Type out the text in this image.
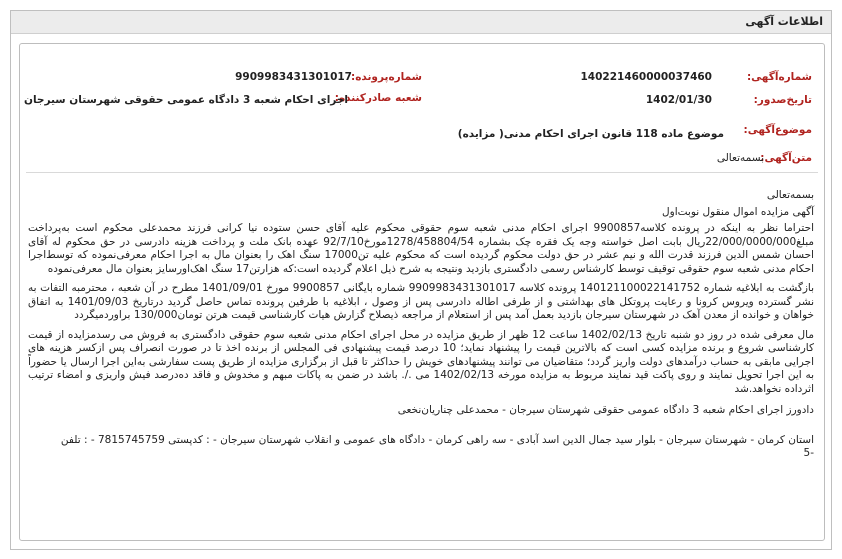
اطلاعات آگهی
شماره‌آگهی:
140221460000037460
شماره‌پرونده:
9909983431301017
تاریخ‌صدور:
1402/01/30
شعبه صادر‌کننده:
اجرای احکام شعبه 3 دادگاه عمومی حقوقی شهرستان سیرجان
موضوع‌آگهی:
موضوع ماده 118 قانون اجرای احکام مدنی( مزایده)
متن‌آگهی:
بسمه‌تعالی

بسمه‌تعالی

آگهی مزایده اموال منقول نوبت‌اول

احتراما نظر به اینکه در پرونده کلاسه9900857 اجرای احکام مدنی شعبه سوم حقوقی محکوم علیه آقای حسن ستوده نیا کرانی فرزند محمدعلی محکوم است به‌پرداخت مبلغ22/000/0000/000ریال بابت اصل خواسته وجه یک فقره چک بشماره 1278/458804/54مورخ92/7/10 عهده‌ بانک ملت و پرداخت هزینه دادرسی در حق محکوم له آقای احسان شمس الدین فرزند قدرت الله و نیم عشر در حق دولت محکوم گردیده است که محکوم علیه تن17000 سنگ اهک را بعنوان مال به اجرا احکام معرفی‌نموده که توسط‌اجرا احکام مدنی شعبه سوم حقوقی توقیف توسط کارشناس رسمی دادگستری بازدید ونتیجه به شرح ذیل اعلام گردیده است:که هزارتن17 سنگ اهک‌اورسایز بعنوان مال معرفی‌نموده

بازگشت به ابلاغیه شماره 140121100022141752 پرونده کلاسه 9909983431301017 شماره بایگانی 9900857 مورخ 1401/09/01 مطرح در آن شعبه ، محترمبه التفات به نشر گسترده ویروس کرونا و رعایت پروتکل های بهداشتی و از طرفی اطاله دادرسی پس از وصول ، ابلاغیه با طرفین پرونده تماس حاصل گردید درتاریخ 1401/09/03 به اتفاق خواهان و خوانده از معدن آهک در شهرستان سیرجان بازدید بعمل آمد پس از استعلام از مراجعه ذیصلاح گزارش هیات کارشناسی قیمت هرتن تومان130/000 براوردمیگردد

مال معرفی شده در روز دو شنبه تاریخ 1402/02/13 ساعت 12 ظهر از طریق مزایده در محل اجرای احکام مدنی شعبه سوم حقوقی دادگستری به فروش می رسدمزایده از قیمت کارشناسی شروع و برنده مزایده کسی است که بالاترین قیمت را پیشنهاد نماید؛ 10 درصد قیمت پیشنهادی فی المجلس از برنده اخذ تا در صورت انصراف پس ازکسر هزینه های اجرایی مابقی به حساب درآمدهای دولت واریز گردد؛ متقاضیان می توانند پیشنهادهای خویش را حداکثر تا قبل از برگزاری مزایده از طریق پست سفارشی به‌این اجرا ارسال یا حضوراً به این اجرا تحویل نمایند و روی پاکت قید نمایند مربوط به مزایده مورخه 1402/02/13 می ./. باشد در ضمن به پاکات مبهم و مخدوش و فاقد ده‌درصد فیش واریزی و امضاء ترتیب اثرداده نخواهد.شد

دادورز اجرای احکام شعبه 3 دادگاه عمومی حقوقی شهرستان سیرجان - محمدعلی چناریان‌نخعی

استان کرمان - شهرستان سیرجان - بلوار سید جمال الدین اسد آبادی - سه راهی کرمان - دادگاه های عمومی و انقلاب شهرستان سیرجان - : کدپستی 7815745759 - : تلفن

-5
